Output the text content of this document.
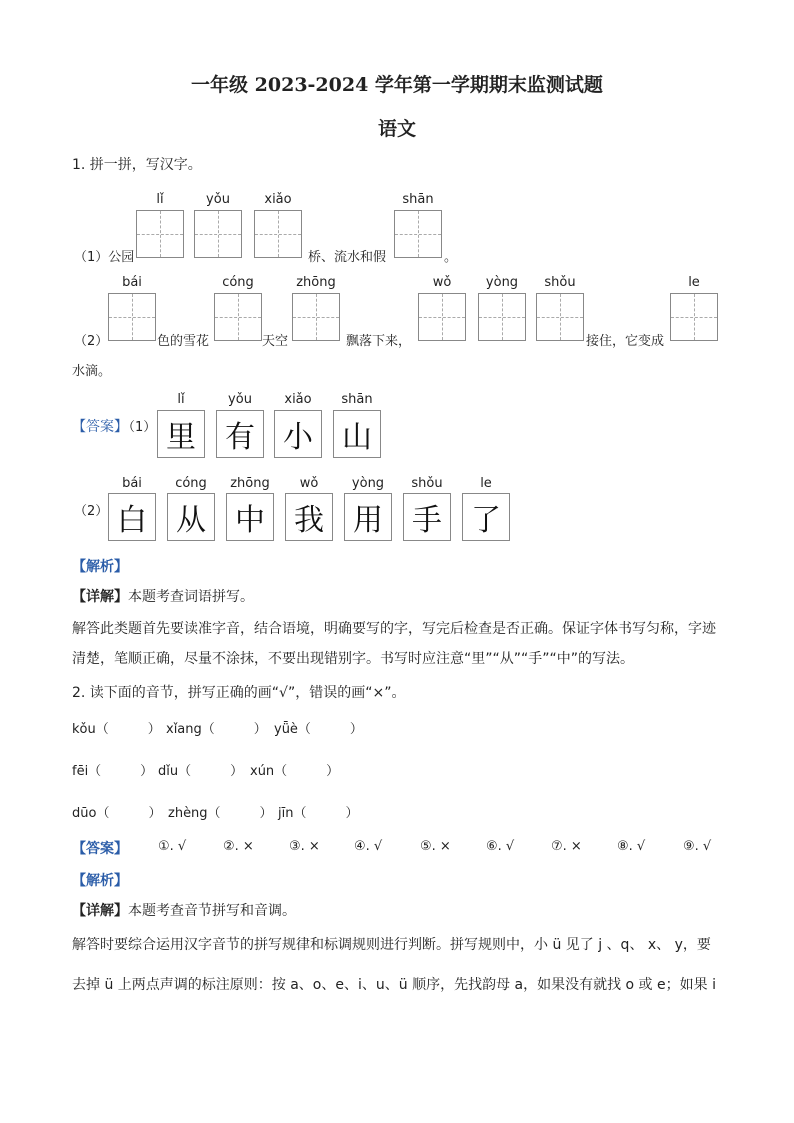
一年级 2023-2024 学年第一学期期末监测试题
语文
1. 拼一拼，写汉字。
lǐ	yǒu	xiǎo	shān
（1）公园	桥、流水和假	。
bái	cóng	zhōng	wǒ	yòng	shǒu	le
（2）	色的雪花	天空	飘落下来，	接住，它变成
水滴。
【答案】
（1）
lǐ	yǒu	xiǎo	shān
里 有 小 山
（2）
bái	cóng	zhōng	wǒ	yòng	shǒu	le
白 从 中 我 用 手 了
【解析】
【详解】本题考查词语拼写。
解答此类题首先要读准字音，结合语境，明确要写的字，写完后检查是否正确。保证字体书写匀称，字迹
清楚，笔顺正确，尽量不涂抹，不要出现错别字。书写时应注意“里”“从”“手”“中”的写法。
2. 读下面的音节，拼写正确的画“√”，错误的画“×”。
kǒu（　　　） xǐang（　　　） yǖè（　　　）
fēi（　　　） dǐu（　　　） xún（　　　）
dūo（　　　） zhèng（　　　） jīn（　　　）
【答案】 ①. √	②. ×	③. ×	④. √	⑤. ×	⑥. √	⑦. ×	⑧. √	⑨. √
【解析】
【详解】本题考查音节拼写和音调。
解答时要综合运用汉字音节的拼写规律和标调规则进行判断。拼写规则中，小 ü 见了 j 、q、 x、 y，要
去掉 ü 上两点声调的标注原则：按 a、o、e、i、u、ü 顺序，先找韵母 a，如果没有就找 o 或 e；如果 i
